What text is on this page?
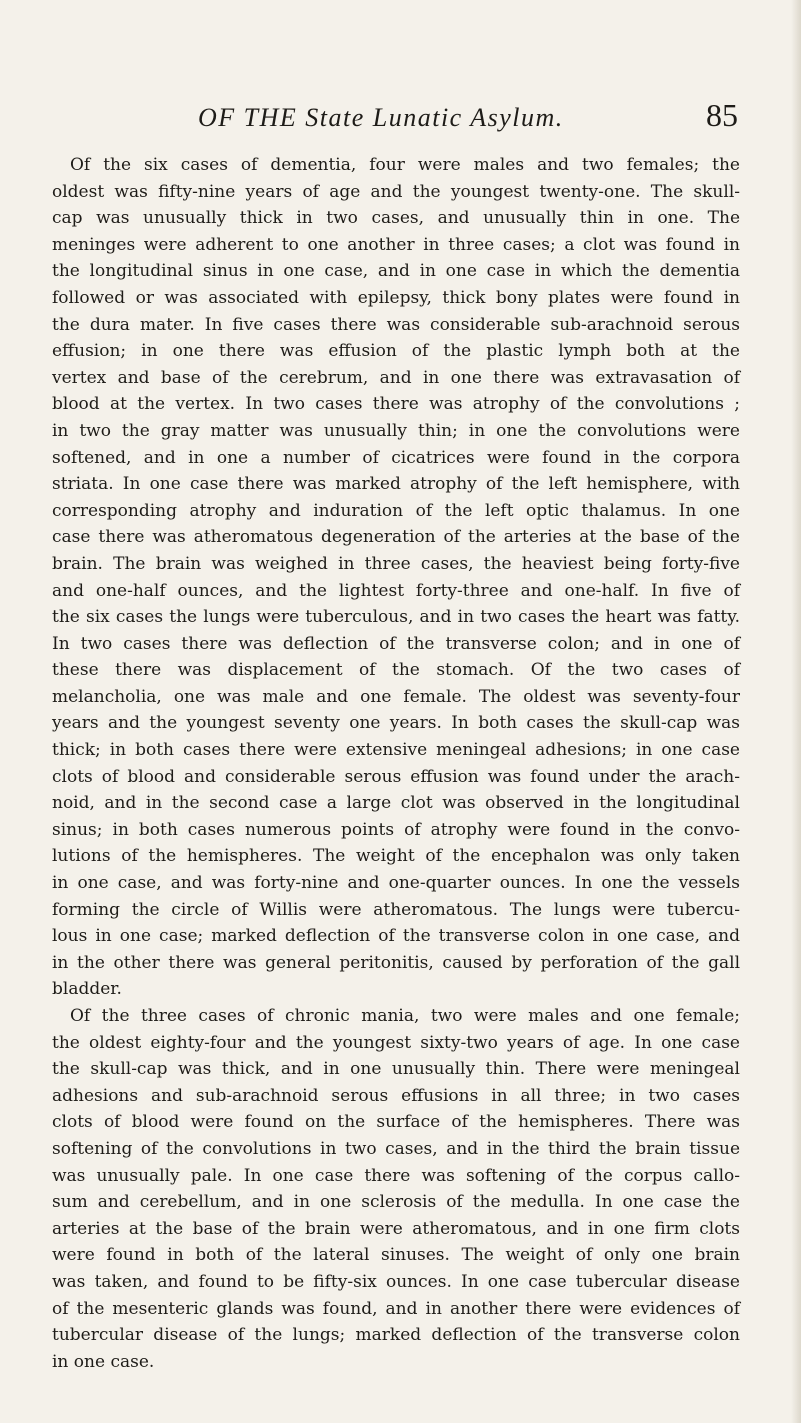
OF THE State Lunatic Asylum.	85
Of the six cases of dementia, four were males and two females; the
oldest was fifty-nine years of age and the youngest twenty-one. The skull-
cap was unusually thick in two cases, and unusually thin in one. The
meninges were adherent to one another in three cases; a clot was found in
the longitudinal sinus in one case, and in one case in which the dementia
followed or was associated with epilepsy, thick bony plates were found in
the dura mater. In five cases there was considerable sub-arachnoid serous
effusion; in one there was effusion of the plastic lymph both at the
vertex and base of the cerebrum, and in one there was extravasation of
blood at the vertex. In two cases there was atrophy of the convolutions ;
in two the gray matter was unusually thin; in one the convolutions were
softened, and in one a number of cicatrices were found in the corpora
striata. In one case there was marked atrophy of the left hemisphere, with
corresponding atrophy and induration of the left optic thalamus. In one
case there was atheromatous degeneration of the arteries at the base of the
brain. The brain was weighed in three cases, the heaviest being forty-five
and one-half ounces, and the lightest forty-three and one-half. In five of
the six cases the lungs were tuberculous, and in two cases the heart was fatty.
In two cases there was deflection of the transverse colon; and in one of
these there was displacement of the stomach. Of the two cases of
melancholia, one was male and one female. The oldest was seventy-four
years and the youngest seventy one years. In both cases the skull-cap was
thick; in both cases there were extensive meningeal adhesions; in one case
clots of blood and considerable serous effusion was found under the arach-
noid, and in the second case a large clot was observed in the longitudinal
sinus; in both cases numerous points of atrophy were found in the convo-
lutions of the hemispheres. The weight of the encephalon was only taken
in one case, and was forty-nine and one-quarter ounces. In one the vessels
forming the circle of Willis were atheromatous. The lungs were tubercu-
lous in one case; marked deflection of the transverse colon in one case, and
in the other there was general peritonitis, caused by perforation of the gall
bladder.
Of the three cases of chronic mania, two were males and one female;
the oldest eighty-four and the youngest sixty-two years of age. In one case
the skull-cap was thick, and in one unusually thin. There were meningeal
adhesions and sub-arachnoid serous effusions in all three; in two cases
clots of blood were found on the surface of the hemispheres. There was
softening of the convolutions in two cases, and in the third the brain tissue
was unusually pale. In one case there was softening of the corpus callo-
sum and cerebellum, and in one sclerosis of the medulla. In one case the
arteries at the base of the brain were atheromatous, and in one firm clots
were found in both of the lateral sinuses. The weight of only one brain
was taken, and found to be fifty-six ounces. In one case tubercular disease
of the mesenteric glands was found, and in another there were evidences of
tubercular disease of the lungs; marked deflection of the transverse colon
in one case.
